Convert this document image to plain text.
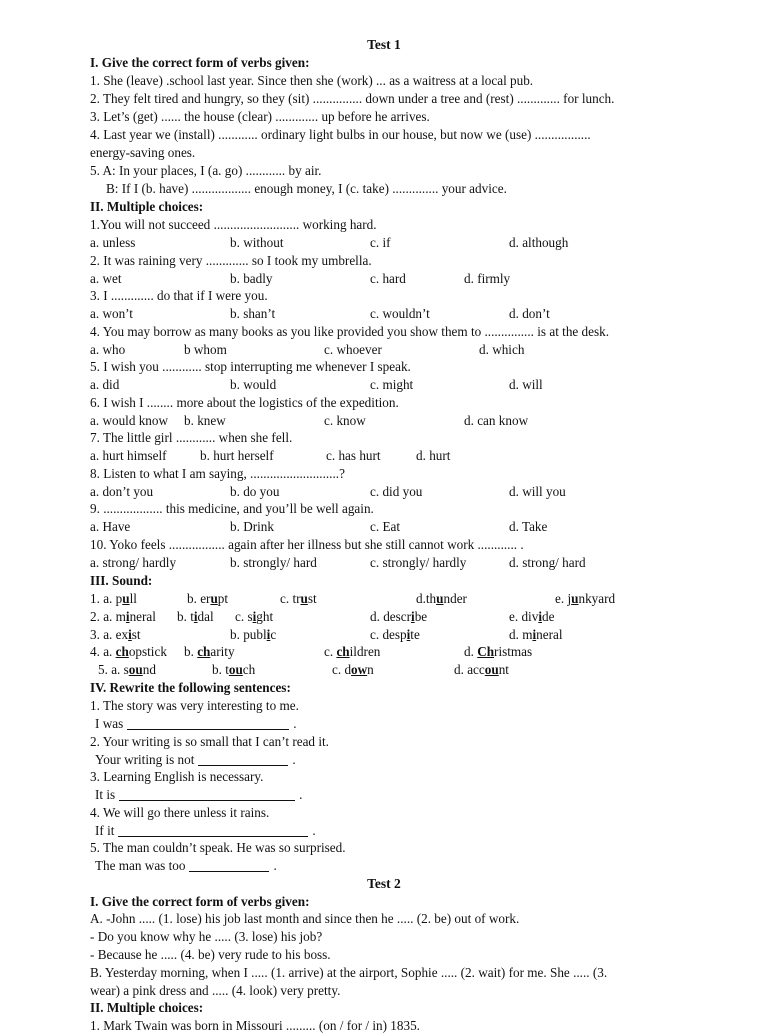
Test 1
I. Give the correct form of verbs given:
1. She (leave) .school last year. Since then she (work) ... as a waitress at a local pub.
2. They felt tired and hungry, so they (sit) ............... down under a tree and (rest) ............. for lunch.
3. Let’s (get) ...... the house (clear) ............. up before he arrives.
4. Last year we (install) ............ ordinary light bulbs in our house, but now we (use) .................
energy-saving ones.
5. A: In your places, I (a. go) ............ by air.
B: If I (b. have) .................. enough money, I (c. take) .............. your advice.
II. Multiple choices:
III. Sound:
IV. Rewrite the following sentences:
Test 2
I. Give the correct form of verbs given:
A. -John ..... (1. lose) his job last month and since then he ..... (2. be) out of work.
- Do you know why he ..... (3. lose) his job?
- Because he ..... (4. be) very rude to his boss.
B. Yesterday morning, when I ..... (1. arrive) at the airport, Sophie ..... (2. wait) for me. She ..... (3.
wear) a pink dress and ..... (4. look) very pretty.
II. Multiple choices:
1. Mark Twain was born in Missouri ......... (on / for / in) 1835.
1.You will not succeed .......................... working hard.
a. unless	b. without	c. if	d. although
2. It was raining very ............. so I took my umbrella.
a. wet	b. badly	c. hard	d. firmly
3. I ............. do that if I were you.
a. won’t	b. shan’t	c. wouldn’t	d. don’t
4. You may borrow as many books as you like provided you show them to ............... is at the desk.
a. who	b whom	c. whoever	d. which
5. I wish you ............ stop interrupting me whenever I speak.
a. did	b. would	c. might	d. will
6. I wish I ........ more about the logistics of the expedition.
a. would know b. knew	c. know	d. can know
7. The little girl ............ when she fell.
a. hurt himself	b. hurt herself	c. has hurt	d. hurt
8. Listen to what I am saying, ...........................?
a. don’t you	b. do you	c. did you	d. will you
9. .................. this medicine, and you’ll be well again.
a. Have	b. Drink	c. Eat	d. Take
10. Yoko feels ................. again after her illness but she still cannot work ............ .
a. strong/ hardly	b. strongly/ hard	c. strongly/ hardly	d. strong/ hard
1. a. pull	b. erupt	c. trust	d.thunder	e. junkyard
2. a. mineral b. tidal c. sight	d. describe	e. divide
3. a. exist	b. public	c. despite	d. mineral
4. a. chopstick b. charity	c. children	d. Christmas
5. a. sound	b. touch	c. down	d. account
1. The story was very interesting to me.
I was	.
2. Your writing is so small that I can’t read it.
Your writing is not	.
3. Learning English is necessary.
It is	.
4. We will go there unless it rains.
If it	.
5. The man couldn’t speak. He was so surprised.
The man was too	.
